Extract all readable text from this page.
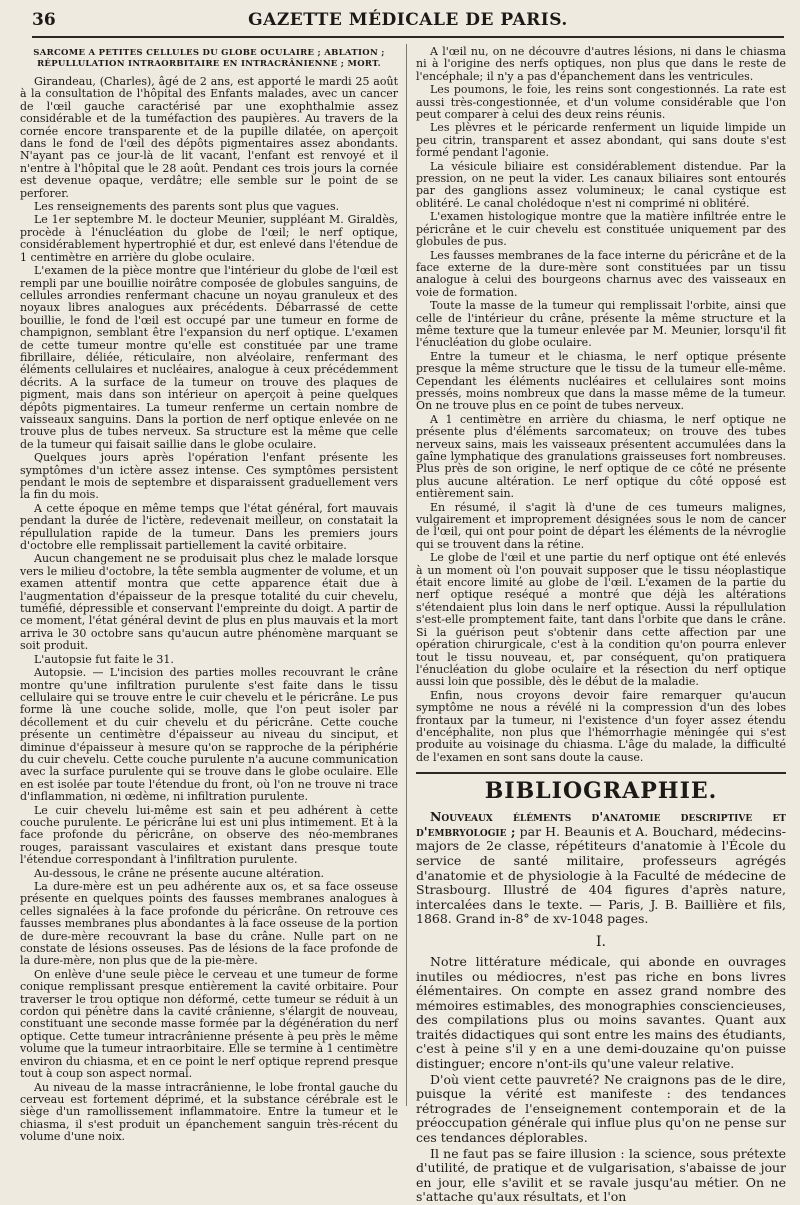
36	GAZETTE MÉDICALE DE PARIS.
SARCOME A PETITES CELLULES DU GLOBE OCULAIRE ; ABLATION ; RÉPULLULATION INTRAORBITAIRE EN INTRACRÂNIENNE ; MORT.

Girandeau, (Charles), âgé de 2 ans, est apporté le mardi 25 août à la consultation de l'hôpital des Enfants malades, avec un cancer de l'œil gauche caractérisé par une exophthalmie assez considérable et de la tuméfaction des paupières. Au travers de la cornée encore transparente et de la pupille dilatée, on aperçoit dans le fond de l'œil des dépôts pigmentaires assez abondants. N'ayant pas ce jour-là de lit vacant, l'enfant est renvoyé et il n'entre à l'hôpital que le 28 août. Pendant ces trois jours la cornée est devenue opaque, verdâtre; elle semble sur le point de se perforer.

Les renseignements des parents sont plus que vagues.

Le 1er septembre M. le docteur Meunier, suppléant M. Giraldès, procède à l'énucléation du globe de l'œil; le nerf optique, considérablement hypertrophié et dur, est enlevé dans l'étendue de 1 centimètre en arrière du globe oculaire.

L'examen de la pièce montre que l'intérieur du globe de l'œil est rempli par une bouillie noirâtre composée de globules sanguins, de cellules arrondies renfermant chacune un noyau granuleux et des noyaux libres analogues aux précédents. Débarrassé de cette bouillie, le fond de l'œil est occupé par une tumeur en forme de champignon, semblant être l'expansion du nerf optique. L'examen de cette tumeur montre qu'elle est constituée par une trame fibrillaire, déliée, réticulaire, non alvéolaire, renfermant des éléments cellulaires et nucléaires, analogue à ceux précédemment décrits. A la surface de la tumeur on trouve des plaques de pigment, mais dans son intérieur on aperçoit à peine quelques dépôts pigmentaires. La tumeur renferme un certain nombre de vaisseaux sanguins. Dans la portion de nerf optique enlevée on ne trouve plus de tubes nerveux. Sa structure est la même que celle de la tumeur qui faisait saillie dans le globe oculaire.

Quelques jours après l'opération l'enfant présente les symptômes d'un ictère assez intense. Ces symptômes persistent pendant le mois de septembre et disparaissent graduellement vers la fin du mois.

A cette époque en même temps que l'état général, fort mauvais pendant la durée de l'ictère, redevenait meilleur, on constatait la répullulation rapide de la tumeur. Dans les premiers jours d'octobre elle remplissait partiellement la cavité orbitaire.

Aucun changement ne se produisait plus chez le malade lorsque vers le milieu d'octobre, la tête sembla augmenter de volume, et un examen attentif montra que cette apparence était due à l'augmentation d'épaisseur de la presque totalité du cuir chevelu, tuméfié, dépressible et conservant l'empreinte du doigt. A partir de ce moment, l'état général devint de plus en plus mauvais et la mort arriva le 30 octobre sans qu'aucun autre phénomène marquant se soit produit.

L'autopsie fut faite le 31.

Autopsie. — L'incision des parties molles recouvrant le crâne montre qu'une infiltration purulente s'est faite dans le tissu cellulaire qui se trouve entre le cuir chevelu et le péricrâne. Le pus forme là une couche solide, molle, que l'on peut isoler par décollement et du cuir chevelu et du péricrâne. Cette couche présente un centimètre d'épaisseur au niveau du sinciput, et diminue d'épaisseur à mesure qu'on se rapproche de la périphérie du cuir chevelu. Cette couche purulente n'a aucune communication avec la surface purulente qui se trouve dans le globe oculaire. Elle en est isolée par toute l'étendue du front, où l'on ne trouve ni trace d'inflammation, ni œdème, ni infiltration purulente.

Le cuir chevelu lui-même est sain et peu adhérent à cette couche purulente. Le péricrâne lui est uni plus intimement. Et à la face profonde du péricrâne, on observe des néo-membranes rouges, paraissant vasculaires et existant dans presque toute l'étendue correspondant à l'infiltration purulente.

Au-dessous, le crâne ne présente aucune altération.

La dure-mère est un peu adhérente aux os, et sa face osseuse présente en quelques points des fausses membranes analogues à celles signalées à la face profonde du péricrâne. On retrouve ces fausses membranes plus abondantes à la face osseuse de la portion de dure-mère recouvrant la base du crâne. Nulle part on ne constate de lésions osseuses. Pas de lésions de la face profonde de la dure-mère, non plus que de la pie-mère.

On enlève d'une seule pièce le cerveau et une tumeur de forme conique remplissant presque entièrement la cavité orbitaire. Pour traverser le trou optique non déformé, cette tumeur se réduit à un cordon qui pénètre dans la cavité crânienne, s'élargit de nouveau, constituant une seconde masse formée par la dégénération du nerf optique. Cette tumeur intracrânienne présente à peu près le même volume que la tumeur intraorbitaire. Elle se termine à 1 centimètre environ du chiasma, et en ce point le nerf optique reprend presque tout à coup son aspect normal.

Au niveau de la masse intracrânienne, le lobe frontal gauche du cerveau est fortement déprimé, et la substance cérébrale est le siège d'un ramollissement inflammatoire. Entre la tumeur et le chiasma, il s'est produit un épanchement sanguin très-récent du volume d'une noix.

A l'œil nu, on ne découvre d'autres lésions, ni dans le chiasma ni à l'origine des nerfs optiques, non plus que dans le reste de l'encéphale; il n'y a pas d'épanchement dans les ventricules.

Les poumons, le foie, les reins sont congestionnés. La rate est aussi très-congestionnée, et d'un volume considérable que l'on peut comparer à celui des deux reins réunis.

Les plèvres et le péricarde renferment un liquide limpide un peu citrin, transparent et assez abondant, qui sans doute s'est formé pendant l'agonie.

La vésicule biliaire est considérablement distendue. Par la pression, on ne peut la vider. Les canaux biliaires sont entourés par des ganglions assez volumineux; le canal cystique est oblitéré. Le canal cholédoque n'est ni comprimé ni oblitéré.

L'examen histologique montre que la matière infiltrée entre le péricrâne et le cuir chevelu est constituée uniquement par des globules de pus.

Les fausses membranes de la face interne du péricrâne et de la face externe de la dure-mère sont constituées par un tissu analogue à celui des bourgeons charnus avec des vaisseaux en voie de formation.

Toute la masse de la tumeur qui remplissait l'orbite, ainsi que celle de l'intérieur du crâne, présente la même structure et la même texture que la tumeur enlevée par M. Meunier, lorsqu'il fit l'énucléation du globe oculaire.

Entre la tumeur et le chiasma, le nerf optique présente presque la même structure que le tissu de la tumeur elle-même. Cependant les éléments nucléaires et cellulaires sont moins pressés, moins nombreux que dans la masse même de la tumeur. On ne trouve plus en ce point de tubes nerveux.

A 1 centimètre en arrière du chiasma, le nerf optique ne présente plus d'éléments sarcomateux; on trouve des tubes nerveux sains, mais les vaisseaux présentent accumulées dans la gaîne lymphatique des granulations graisseuses fort nombreuses. Plus près de son origine, le nerf optique de ce côté ne présente plus aucune altération. Le nerf optique du côté opposé est entièrement sain.

En résumé, il s'agit là d'une de ces tumeurs malignes, vulgairement et improprement désignées sous le nom de cancer de l'œil, qui ont pour point de départ les éléments de la névroglie qui se trouvent dans la rétine.

Le globe de l'œil et une partie du nerf optique ont été enlevés à un moment où l'on pouvait supposer que le tissu néoplastique était encore limité au globe de l'œil. L'examen de la partie du nerf optique reséqué a montré que déjà les altérations s'étendaient plus loin dans le nerf optique. Aussi la répullulation s'est-elle promptement faite, tant dans l'orbite que dans le crâne. Si la guérison peut s'obtenir dans cette affection par une opération chirurgicale, c'est à la condition qu'on pourra enlever tout le tissu nouveau, et, par conséquent, qu'on pratiquera l'énucléation du globe oculaire et la résection du nerf optique aussi loin que possible, dès le début de la maladie.

Enfin, nous croyons devoir faire remarquer qu'aucun symptôme ne nous a révélé ni la compression d'un des lobes frontaux par la tumeur, ni l'existence d'un foyer assez étendu d'encéphalite, non plus que l'hémorrhagie méningée qui s'est produite au voisinage du chiasma. L'âge du malade, la difficulté de l'examen en sont sans doute la cause.

BIBLIOGRAPHIE.

Nouveaux éléments d'anatomie descriptive et d'embryologie ; par H. Beaunis et A. Bouchard, médecins-majors de 2e classe, répétiteurs d'anatomie à l'École du service de santé militaire, professeurs agrégés d'anatomie et de physiologie à la Faculté de médecine de Strasbourg. Illustré de 404 figures d'après nature, intercalées dans le texte. — Paris, J. B. Baillière et fils, 1868. Grand in-8° de xv-1048 pages.

I.

Notre littérature médicale, qui abonde en ouvrages inutiles ou médiocres, n'est pas riche en bons livres élémentaires. On compte en assez grand nombre des mémoires estimables, des monographies consciencieuses, des compilations plus ou moins savantes. Quant aux traités didactiques qui sont entre les mains des étudiants, c'est à peine s'il y en a une demi-douzaine qu'on puisse distinguer; encore n'ont-ils qu'une valeur relative.

D'où vient cette pauvreté? Ne craignons pas de le dire, puisque la vérité est manifeste : des tendances rétrogrades de l'enseignement contemporain et de la préoccupation générale qui influe plus qu'on ne pense sur ces tendances déplorables.

Il ne faut pas se faire illusion : la science, sous prétexte d'utilité, de pratique et de vulgarisation, s'abaisse de jour en jour, elle s'avilit et se ravale jusqu'au métier. On ne s'attache qu'aux résultats, et l'on
